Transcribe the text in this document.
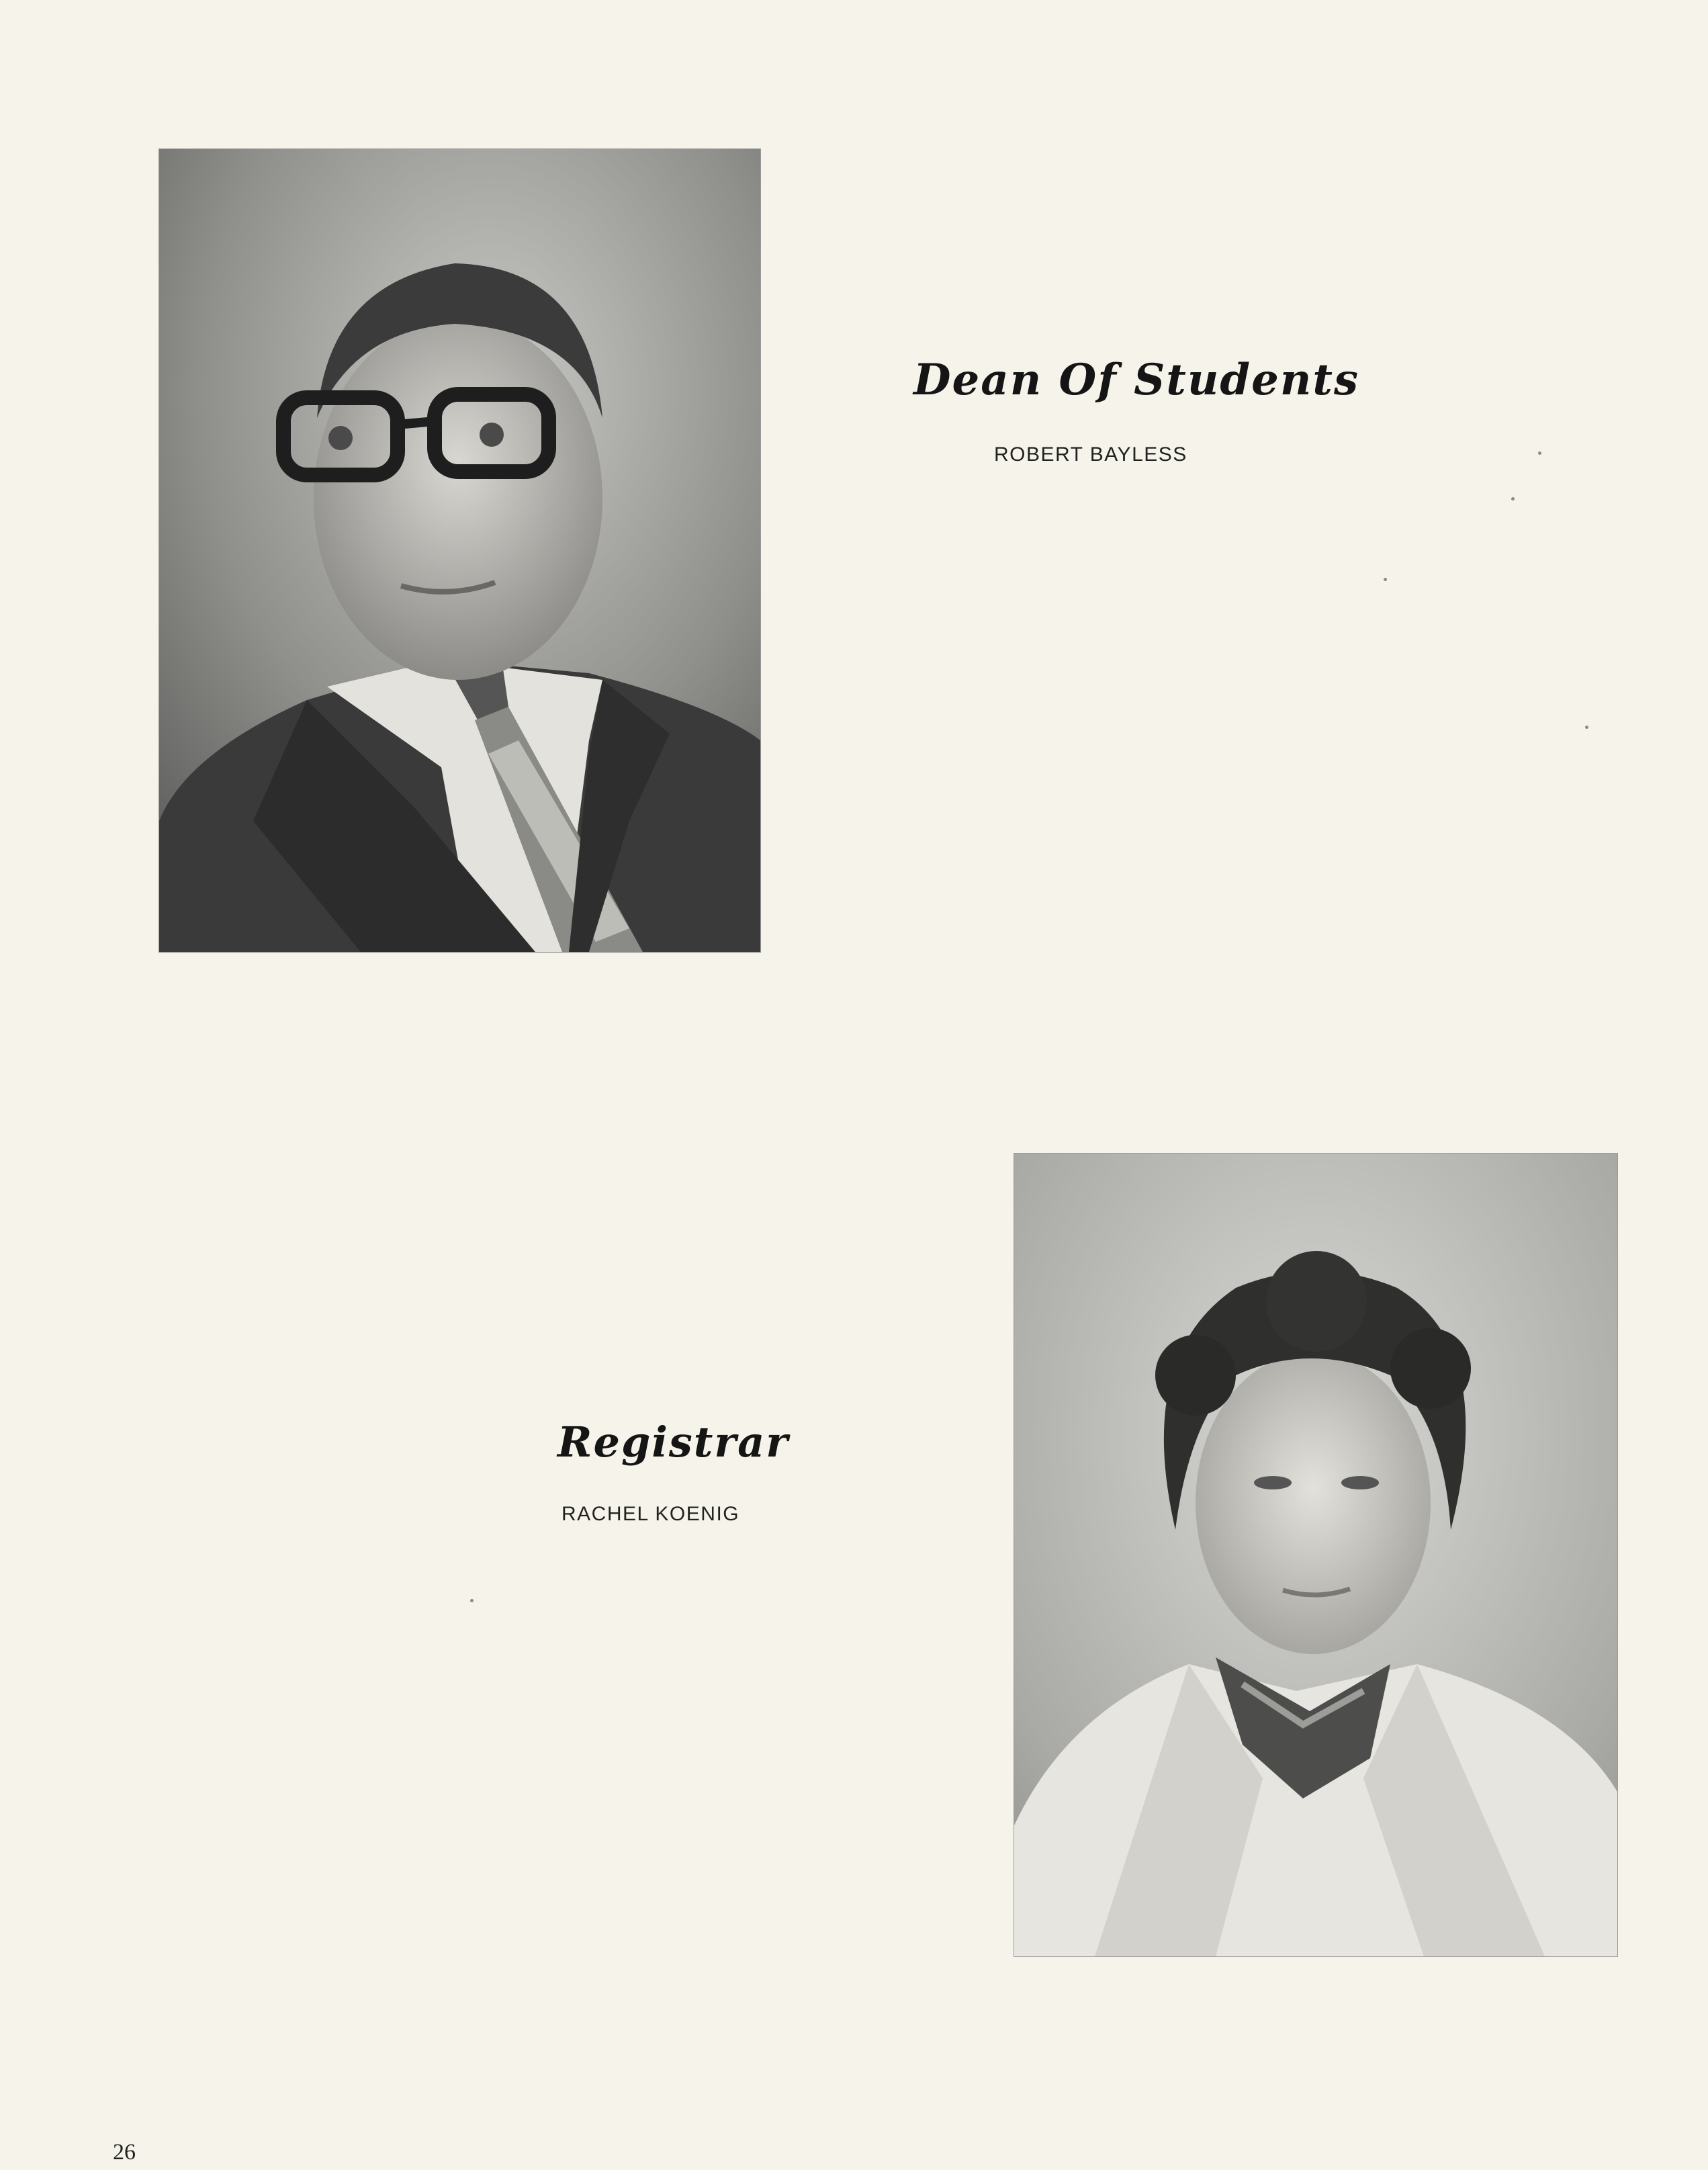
Dean Of Students
ROBERT BAYLESS
Registrar
RACHEL KOENIG
26
